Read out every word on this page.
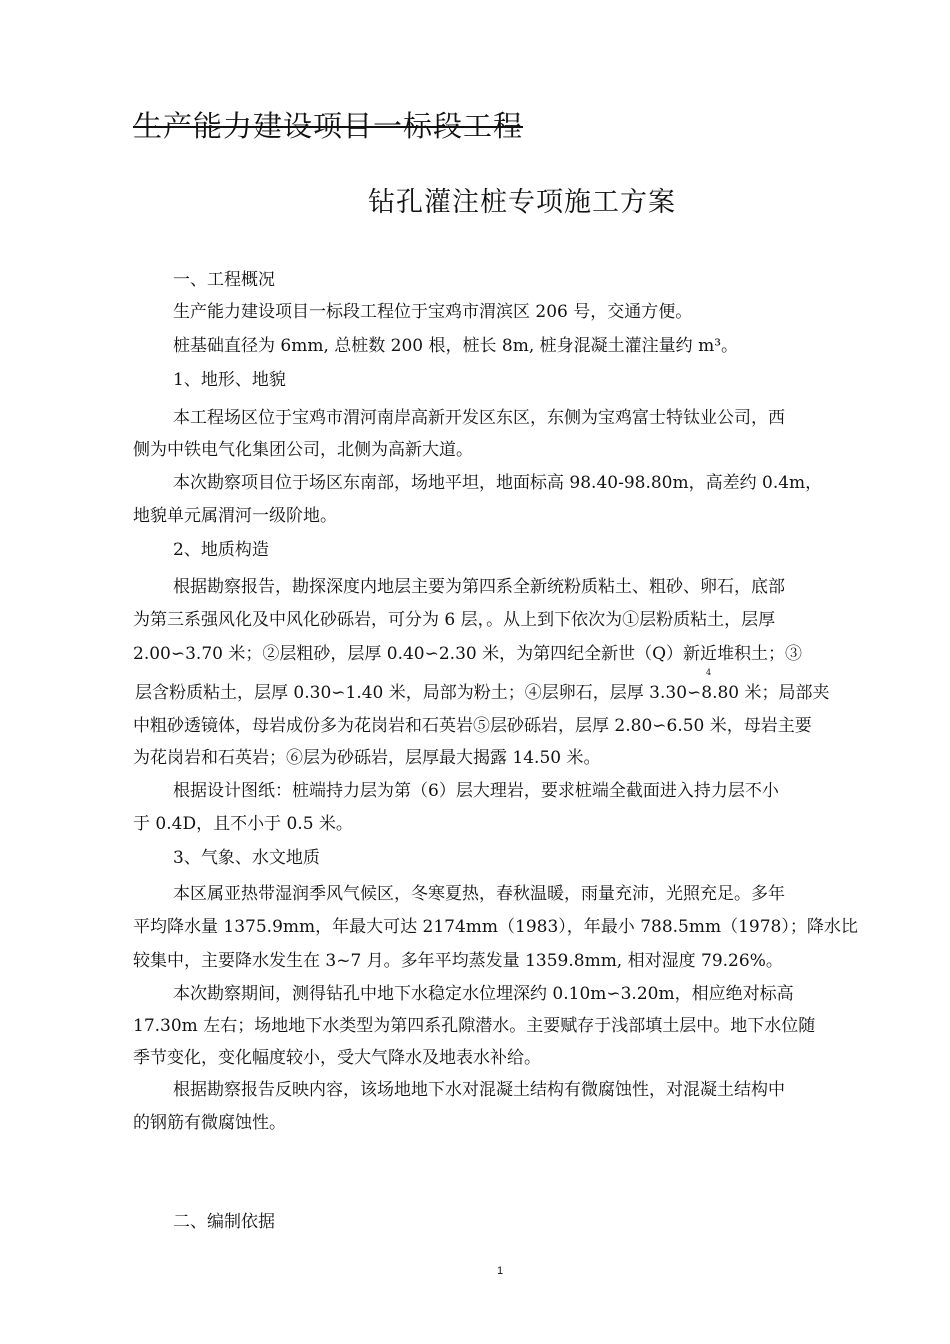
生产能力建设项目一标段工程

钻孔灌注桩专项施工方案

一、工程概况

生产能力建设项目一标段工程位于宝鸡市渭滨区 206 号，交通方便。

桩基础直径为 6mm, 总桩数 200 根，桩长 8m, 桩身混凝土灌注量约 m³。

1、地形、地貌

本工程场区位于宝鸡市渭河南岸高新开发区东区，东侧为宝鸡富士特钛业公司，西

侧为中铁电气化集团公司，北侧为高新大道。

本次勘察项目位于场区东南部，场地平坦，地面标高 98.40-98.80m，高差约 0.4m，

地貌单元属渭河一级阶地。

2、地质构造

根据勘察报告，勘探深度内地层主要为第四系全新统粉质粘土、粗砂、卵石，底部

为第三系强风化及中风化砂砾岩，可分为 6 层，。从上到下依次为①层粉质粘土，层厚

2.00∽3.70 米；②层粗砂，层厚 0.40∽2.30 米，为第四纪全新世（Q）新近堆积土；③

4

层含粉质粘土，层厚 0.30∽1.40 米，局部为粉土；④层卵石，层厚 3.30∽8.80 米；局部夹

中粗砂透镜体，母岩成份多为花岗岩和石英岩⑤层砂砾岩，层厚 2.80∽6.50 米，母岩主要

为花岗岩和石英岩；⑥层为砂砾岩，层厚最大揭露 14.50 米。

根据设计图纸：桩端持力层为第（6）层大理岩，要求桩端全截面进入持力层不小

于 0.4D，且不小于 0.5 米。

3、气象、水文地质

本区属亚热带湿润季风气候区，冬寒夏热，春秋温暖，雨量充沛，光照充足。多年

平均降水量 1375.9mm，年最大可达 2174mm（1983），年最小 788.5mm（1978）；降水比

较集中，主要降水发生在 3~7 月。多年平均蒸发量 1359.8mm, 相对湿度 79.26%。

本次勘察期间，测得钻孔中地下水稳定水位埋深约 0.10m∽3.20m，相应绝对标高

17.30m 左右；场地地下水类型为第四系孔隙潜水。主要赋存于浅部填土层中。地下水位随

季节变化，变化幅度较小，受大气降水及地表水补给。

根据勘察报告反映内容，该场地地下水对混凝土结构有微腐蚀性，对混凝土结构中

的钢筋有微腐蚀性。

二、编制依据

1
